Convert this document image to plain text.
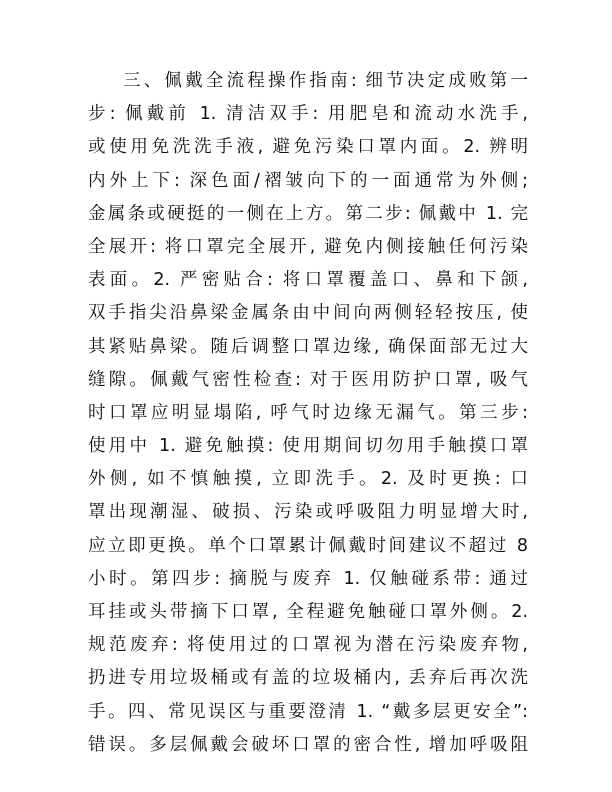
三、佩戴全流程操作指南: 细节决定成败第一
步: 佩戴前 1. 清洁双手: 用肥皂和流动水洗手,
或使用免洗洗手液, 避免污染口罩内面。2. 辨明
内外上下: 深色面/褶皱向下的一面通常为外侧;
金属条或硬挺的一侧在上方。第二步: 佩戴中 1. 完
全展开: 将口罩完全展开, 避免内侧接触任何污染
表面。2. 严密贴合: 将口罩覆盖口、鼻和下颌,
双手指尖沿鼻梁金属条由中间向两侧轻轻按压, 使
其紧贴鼻梁。随后调整口罩边缘, 确保面部无过大
缝隙。佩戴气密性检查: 对于医用防护口罩, 吸气
时口罩应明显塌陷, 呼气时边缘无漏气。第三步:
使用中 1. 避免触摸: 使用期间切勿用手触摸口罩
外侧, 如不慎触摸, 立即洗手。2. 及时更换: 口
罩出现潮湿、破损、污染或呼吸阻力明显增大时,
应立即更换。单个口罩累计佩戴时间建议不超过 8
小时。第四步: 摘脱与废弃 1. 仅触碰系带: 通过
耳挂或头带摘下口罩, 全程避免触碰口罩外侧。2.
规范废弃: 将使用过的口罩视为潜在污染废弃物,
扔进专用垃圾桶或有盖的垃圾桶内, 丢弃后再次洗
手。四、常见误区与重要澄清 1. “戴多层更安全”:
错误。多层佩戴会破坏口罩的密合性, 增加呼吸阻
